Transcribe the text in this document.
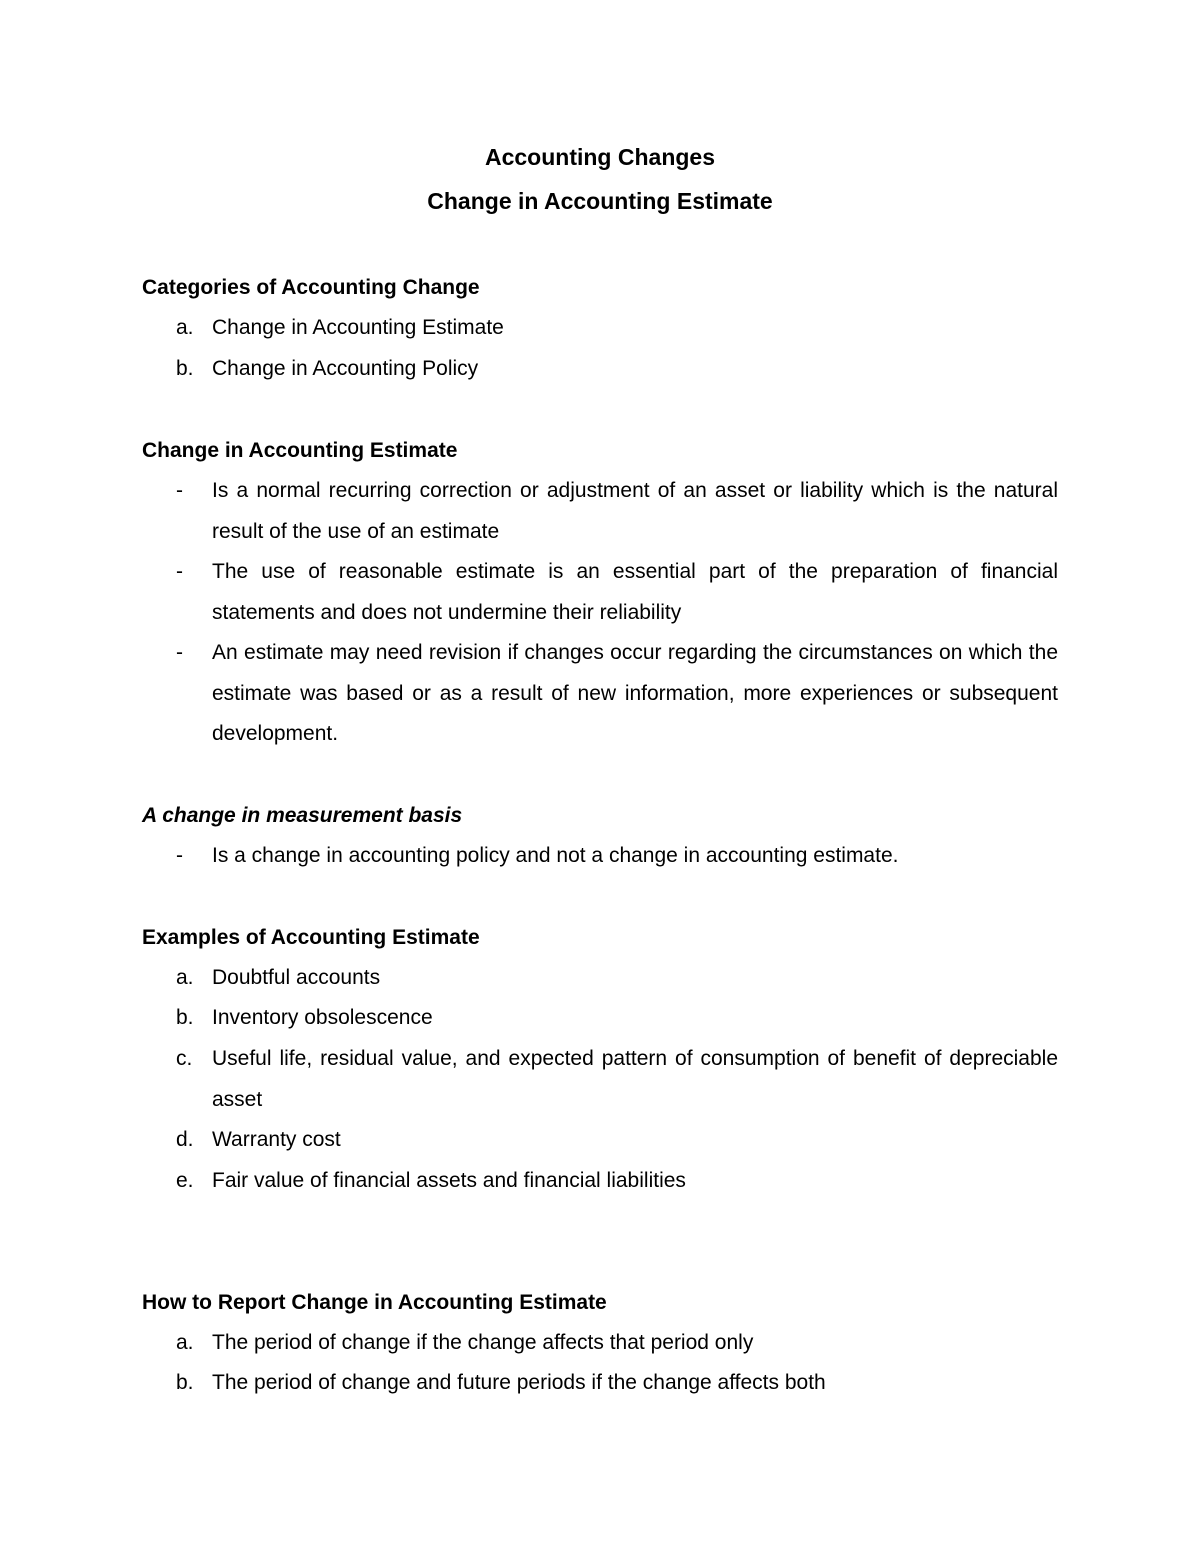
Accounting Changes
Change in Accounting Estimate
Categories of Accounting Change
a. Change in Accounting Estimate
b. Change in Accounting Policy
Change in Accounting Estimate
- Is a normal recurring correction or adjustment of an asset or liability which is the natural result of the use of an estimate
- The use of reasonable estimate is an essential part of the preparation of financial statements and does not undermine their reliability
- An estimate may need revision if changes occur regarding the circumstances on which the estimate was based or as a result of new information, more experiences or subsequent development.
A change in measurement basis
- Is a change in accounting policy and not a change in accounting estimate.
Examples of Accounting Estimate
a. Doubtful accounts
b. Inventory obsolescence
c. Useful life, residual value, and expected pattern of consumption of benefit of depreciable asset
d. Warranty cost
e. Fair value of financial assets and financial liabilities
How to Report Change in Accounting Estimate
a. The period of change if the change affects that period only
b. The period of change and future periods if the change affects both
